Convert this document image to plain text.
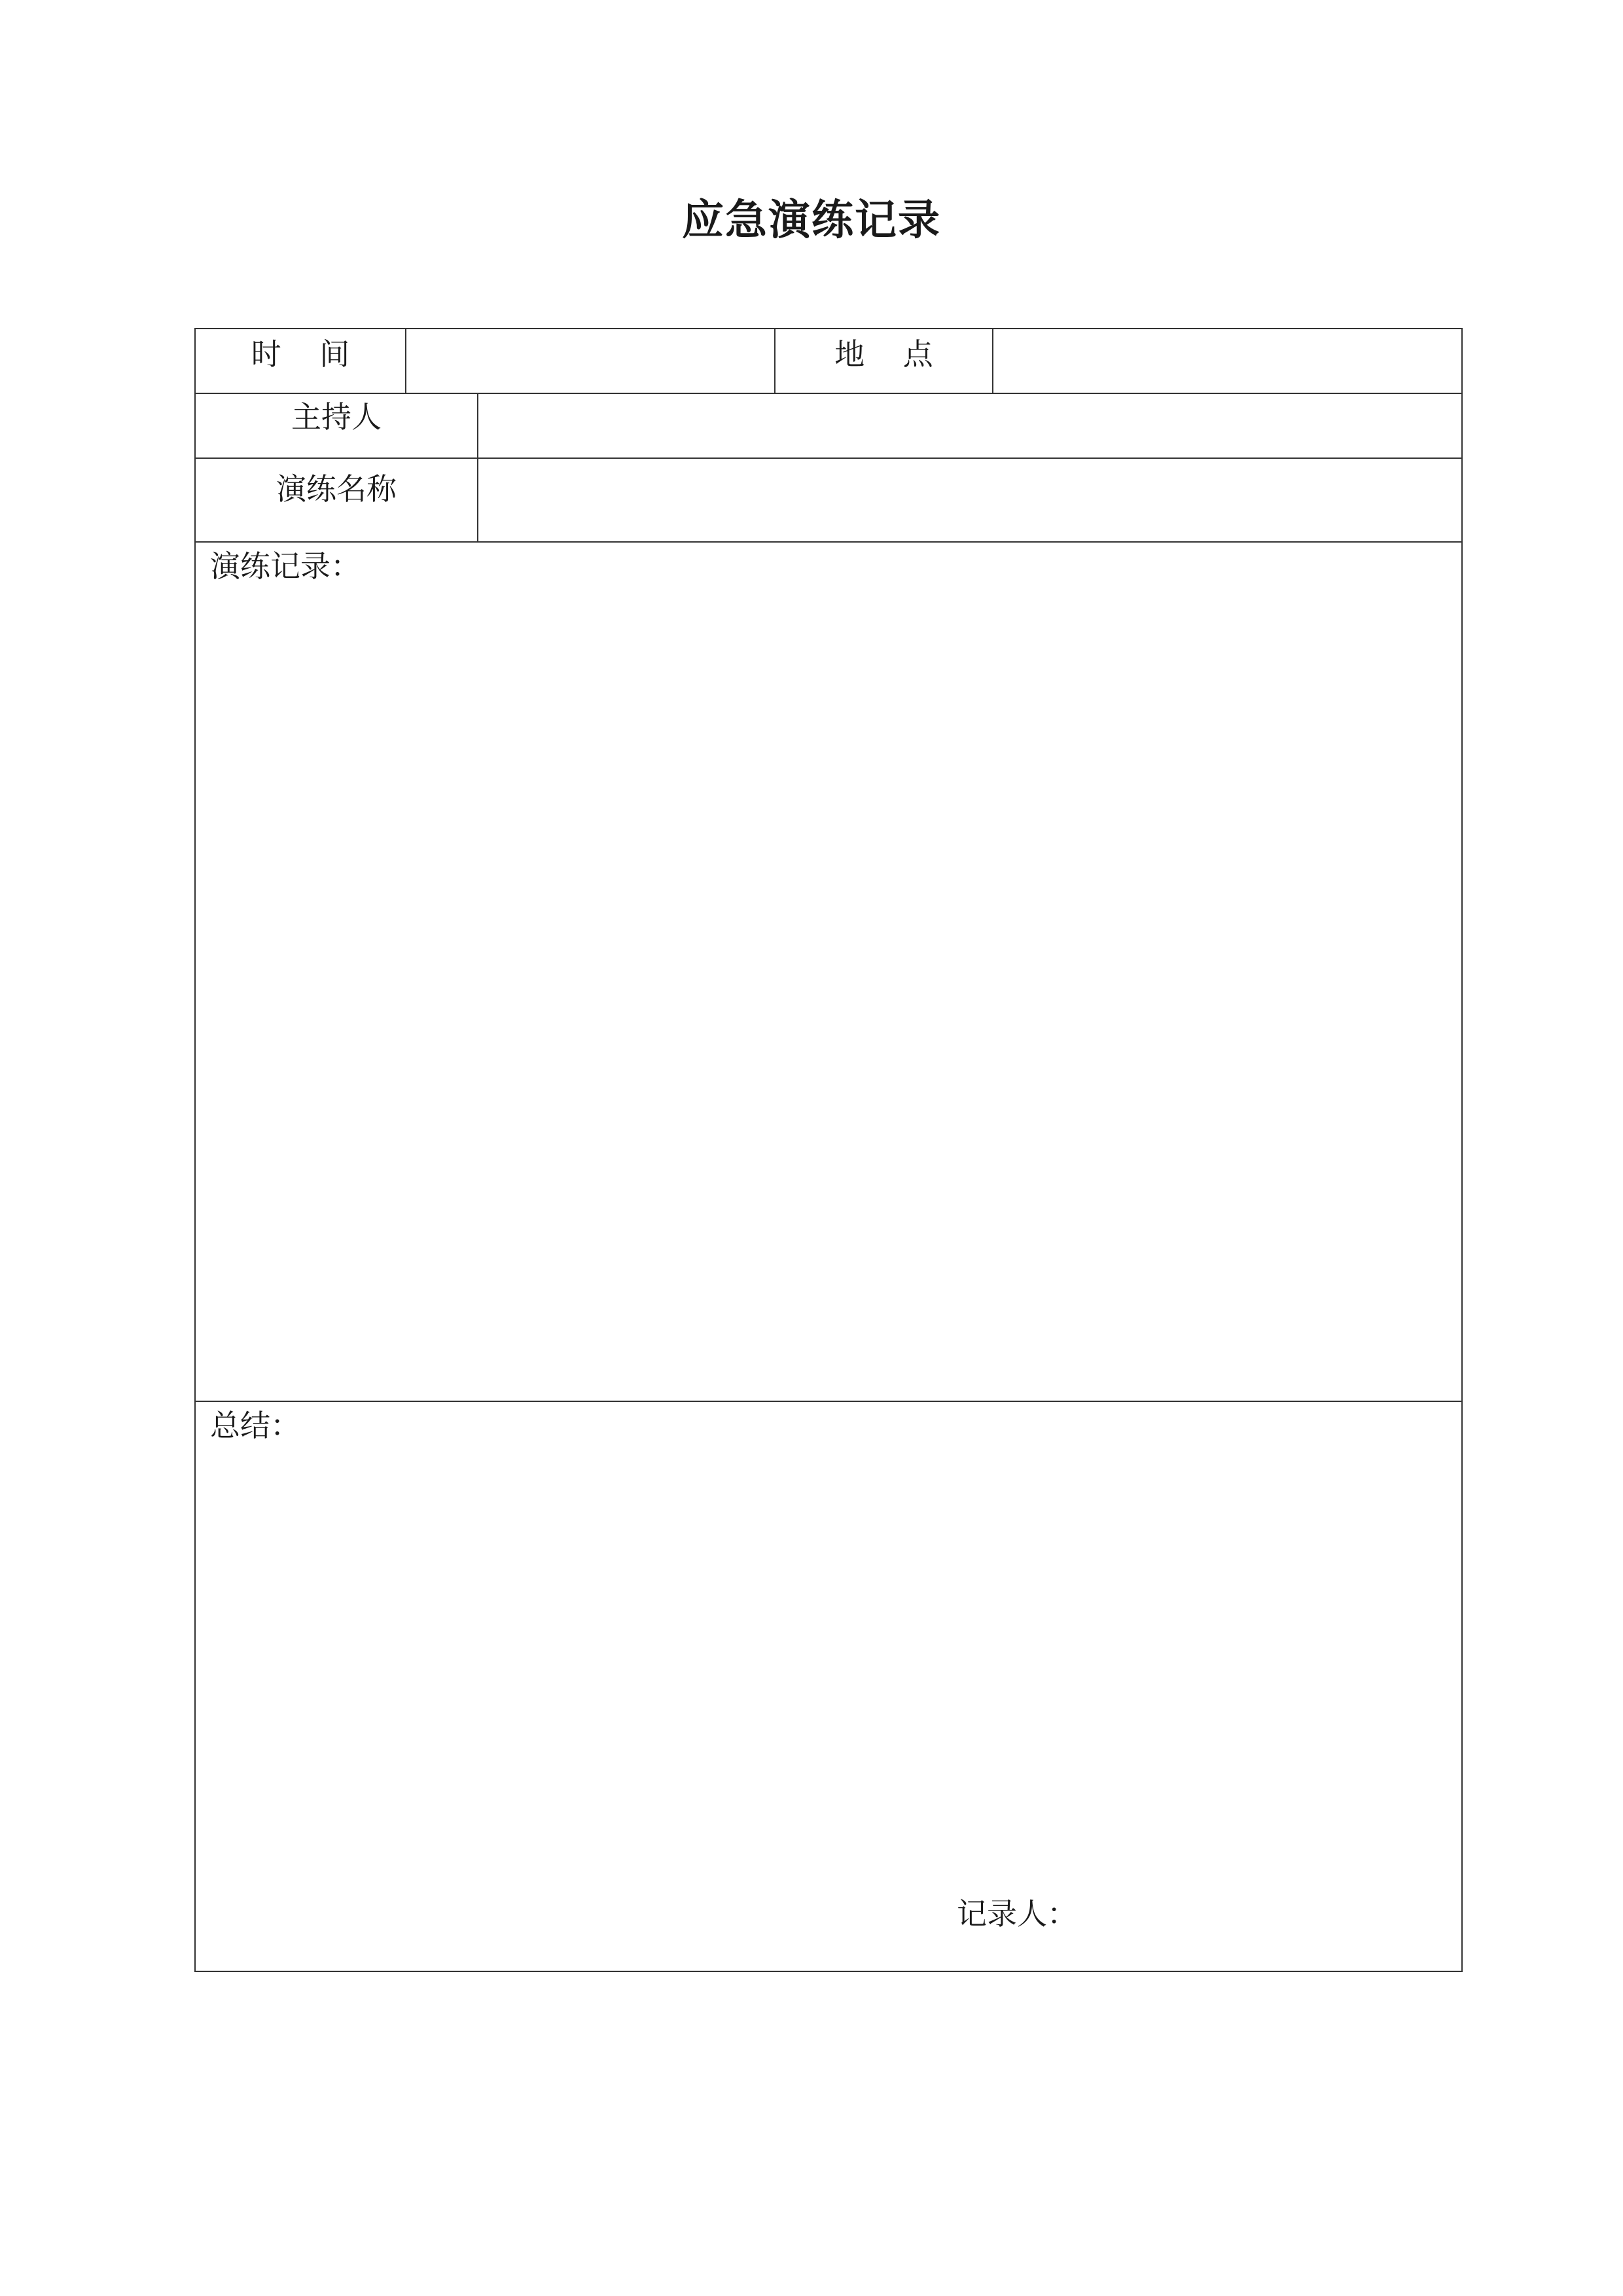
应急演练记录
时    间	地    点
主持人
演练名称
演练记录：
总结：
记录人：
